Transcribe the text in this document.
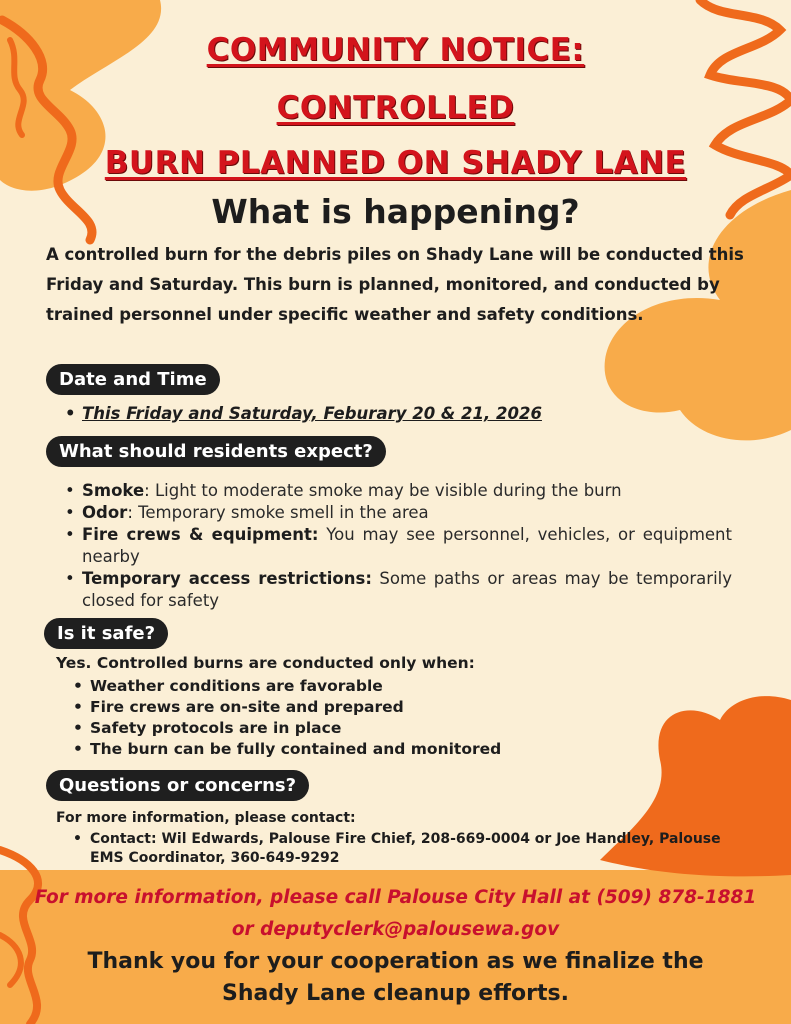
COMMUNITY NOTICE:
CONTROLLED
BURN PLANNED ON SHADY LANE
What is happening?

A controlled burn for the debris piles on Shady Lane will be conducted this Friday and Saturday. This burn is planned, monitored, and conducted by trained personnel under specific weather and safety conditions.

Date and Time
• This Friday and Saturday, Feburary 20 & 21, 2026
What should residents expect?
• Smoke: Light to moderate smoke may be visible during the burn
• Odor: Temporary smoke smell in the area
• Fire crews & equipment: You may see personnel, vehicles, or equipment nearby
• Temporary access restrictions: Some paths or areas may be temporarily closed for safety
Is it safe?
Yes. Controlled burns are conducted only when:
• Weather conditions are favorable
• Fire crews are on-site and prepared
• Safety protocols are in place
• The burn can be fully contained and monitored
Questions or concerns?
For more information, please contact:
• Contact: Wil Edwards, Palouse Fire Chief, 208-669-0004 or Joe Handley, Palouse EMS Coordinator, 360-649-9292
For more information, please call Palouse City Hall at (509) 878-1881
or deputyclerk@palousewa.gov
Thank you for your cooperation as we finalize the
Shady Lane cleanup efforts.
